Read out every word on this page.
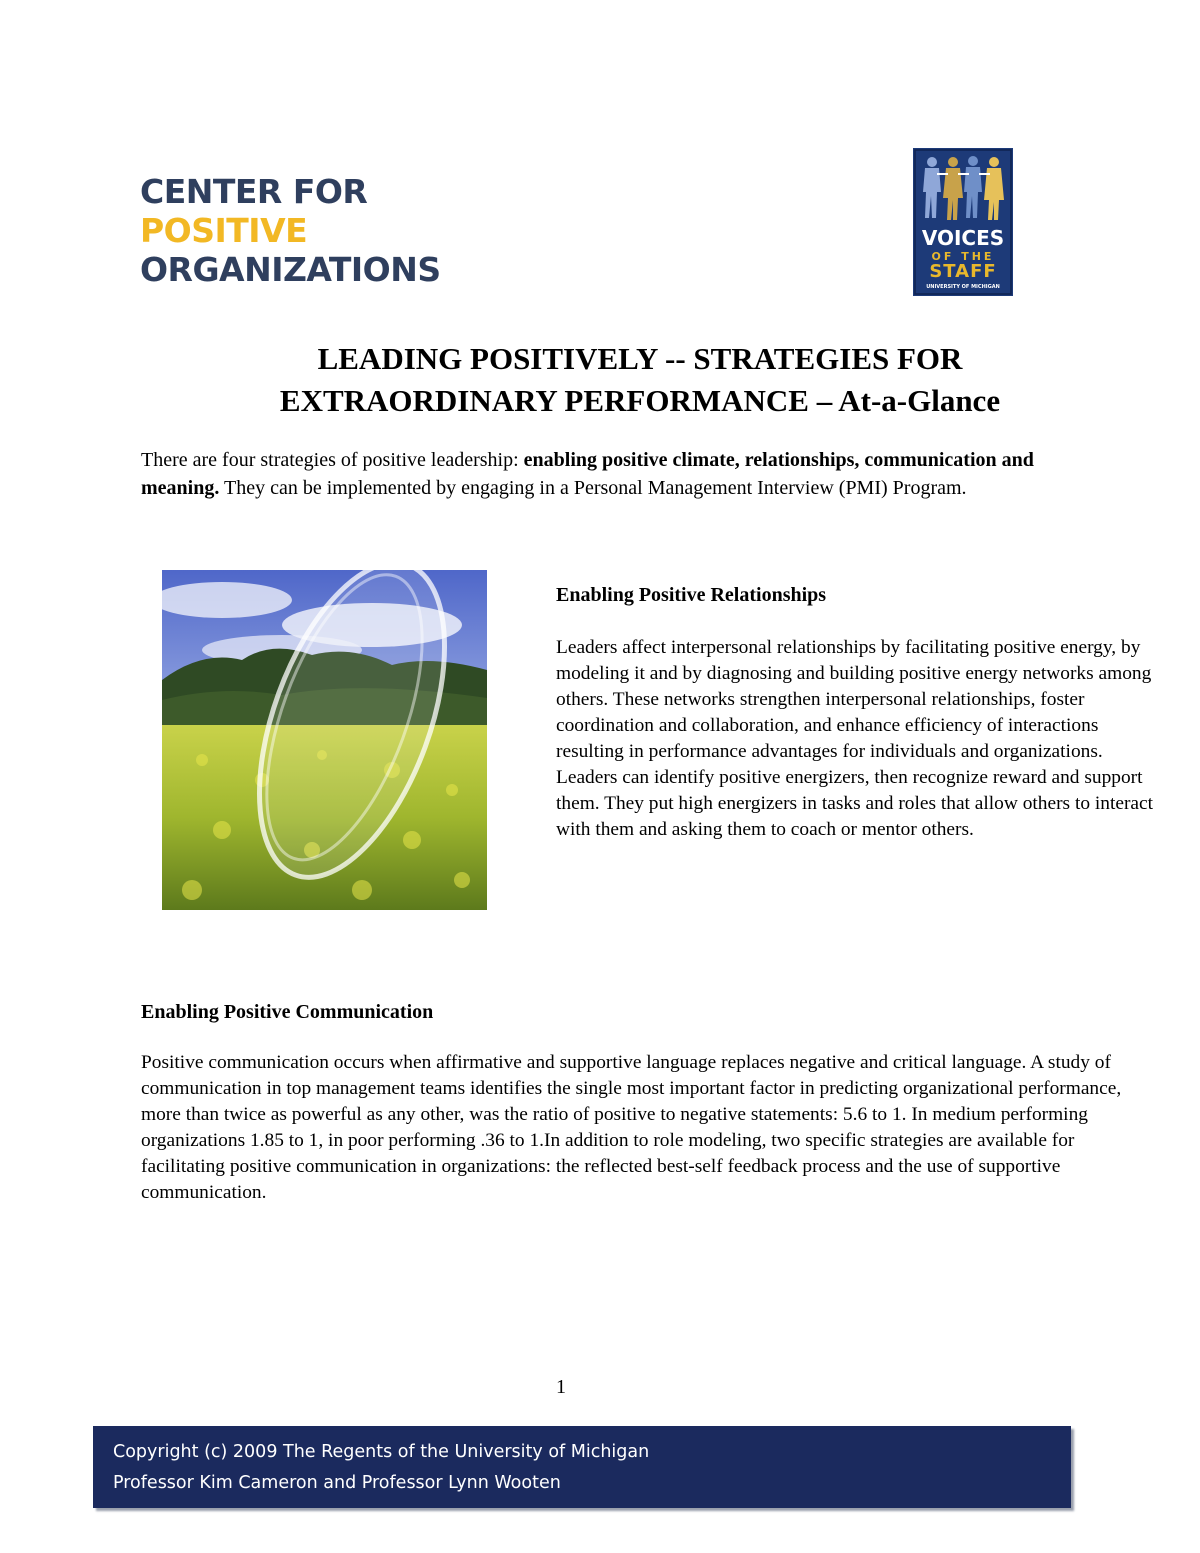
CENTER FOR
POSITIVE
ORGANIZATIONS
VOICES
OF THE
STAFF
UNIVERSITY OF MICHIGAN
LEADING POSITIVELY -- STRATEGIES FOR
EXTRAORDINARY PERFORMANCE – At-a-Glance
There are four strategies of positive leadership: enabling positive climate, relationships, communication and meaning. They can be implemented by engaging in a Personal Management Interview (PMI) Program.
Enabling Positive Relationships
Leaders affect interpersonal relationships by facilitating positive energy, by modeling it and by diagnosing and building positive energy networks among others. These networks strengthen interpersonal relationships, foster coordination and collaboration, and enhance efficiency of interactions resulting in performance advantages for individuals and organizations. Leaders can identify positive energizers, then recognize reward and support them. They put high energizers in tasks and roles that allow others to interact with them and asking them to coach or mentor others.
Enabling Positive Communication
Positive communication occurs when affirmative and supportive language replaces negative and critical language. A study of communication in top management teams identifies the single most important factor in predicting organizational performance, more than twice as powerful as any other, was the ratio of positive to negative statements: 5.6 to 1. In medium performing organizations 1.85 to 1, in poor performing .36 to 1.In addition to role modeling, two specific strategies are available for facilitating positive communication in organizations: the reflected best-self feedback process and the use of supportive communication.
1
Copyright (c) 2009 The Regents of the University of Michigan
Professor Kim Cameron and Professor Lynn Wooten
